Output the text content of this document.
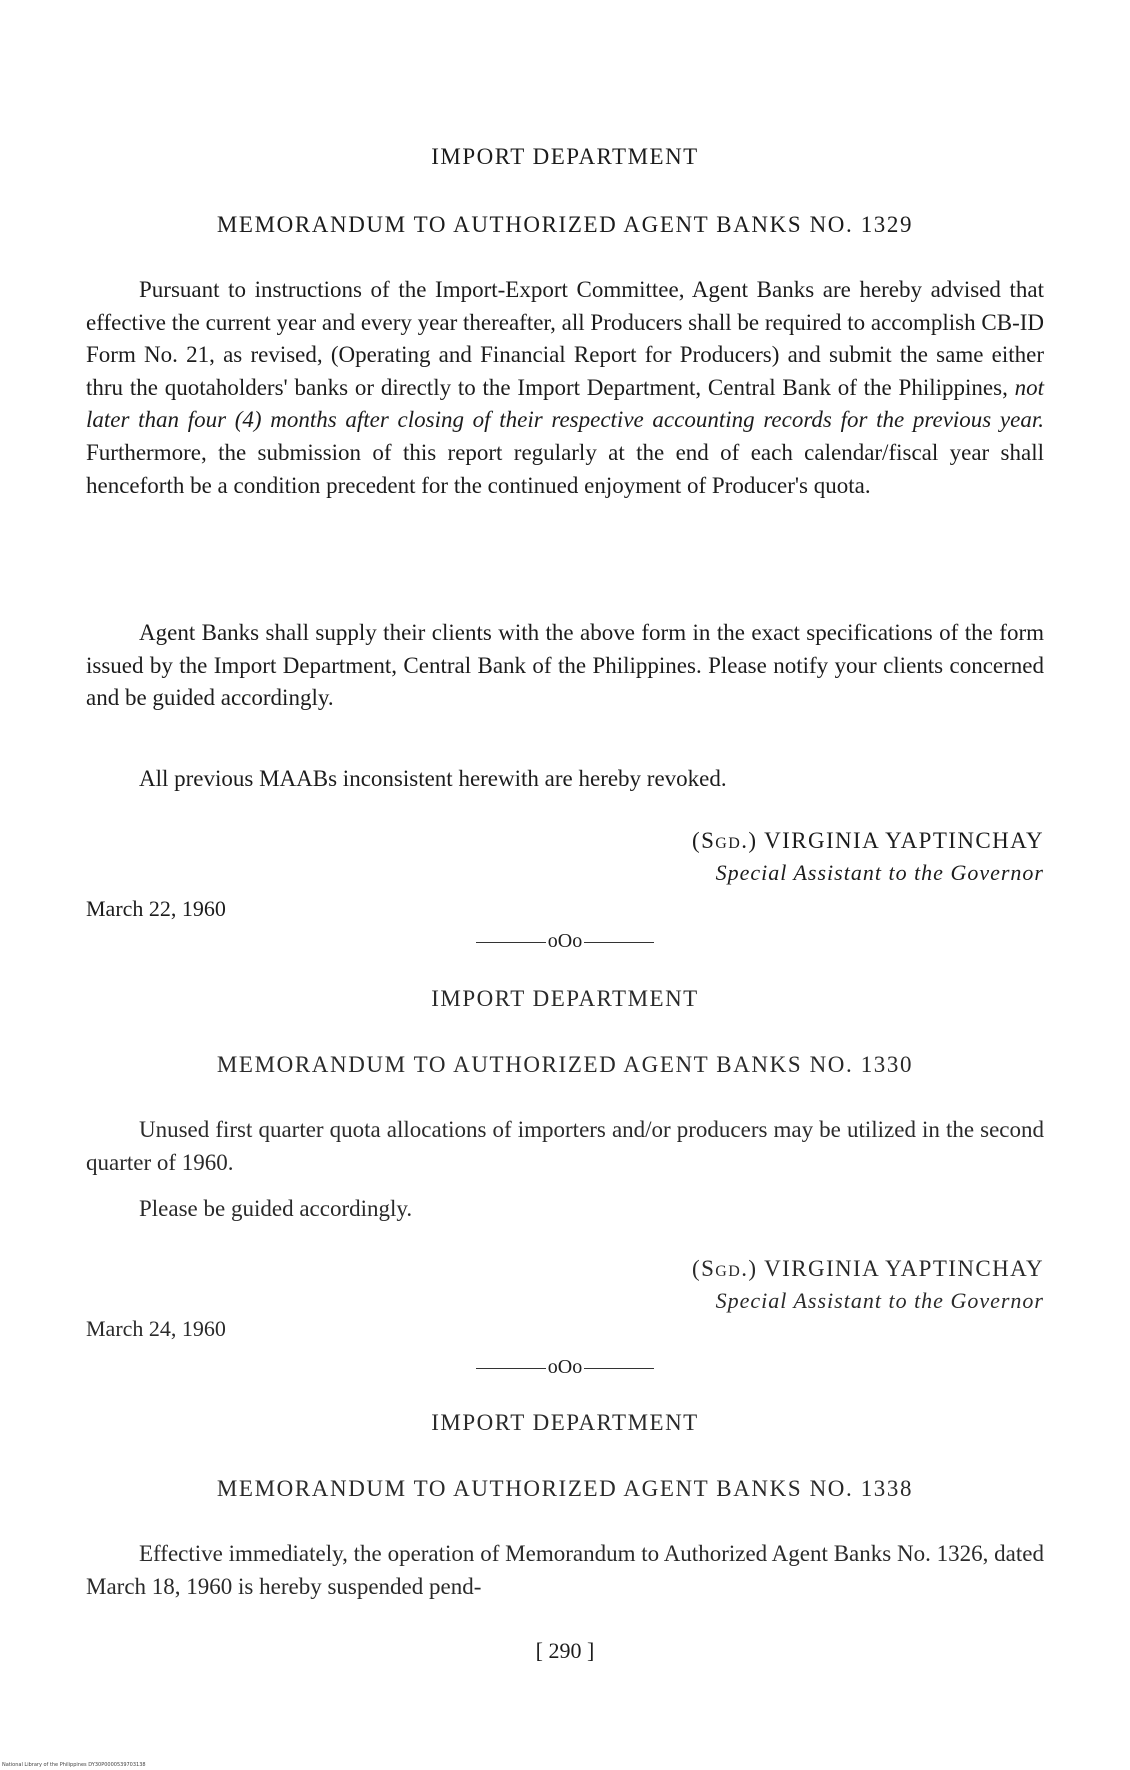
IMPORT DEPARTMENT
MEMORANDUM TO AUTHORIZED AGENT BANKS NO. 1329

Pursuant to instructions of the Import-Export Committee, Agent Banks are hereby advised that effective the current year and every year thereafter, all Producers shall be required to accomplish CB-ID Form No. 21, as revised, (Operating and Financial Report for Producers) and submit the same either thru the quotaholders' banks or directly to the Import Department, Central Bank of the Philippines, not later than four (4) months after closing of their respective accounting records for the previous year. Furthermore, the submission of this report regularly at the end of each calendar/fiscal year shall henceforth be a condition precedent for the continued enjoyment of Producer's quota.

Agent Banks shall supply their clients with the above form in the exact specifications of the form issued by the Import Department, Central Bank of the Philippines. Please notify your clients concerned and be guided accordingly.

All previous MAABs inconsistent herewith are hereby revoked.

(Sgd.) VIRGINIA YAPTINCHAY
Special Assistant to the Governor
March 22, 1960
oOo
IMPORT DEPARTMENT
MEMORANDUM TO AUTHORIZED AGENT BANKS NO. 1330

Unused first quarter quota allocations of importers and/or producers may be utilized in the second quarter of 1960.

Please be guided accordingly.

(Sgd.) VIRGINIA YAPTINCHAY
Special Assistant to the Governor
March 24, 1960
oOo
IMPORT DEPARTMENT
MEMORANDUM TO AUTHORIZED AGENT BANKS NO. 1338

Effective immediately, the operation of Memorandum to Authorized Agent Banks No. 1326, dated March 18, 1960 is hereby suspended pend-

[ 290 ]
National Library of the Philippines DY30P0000539703138
